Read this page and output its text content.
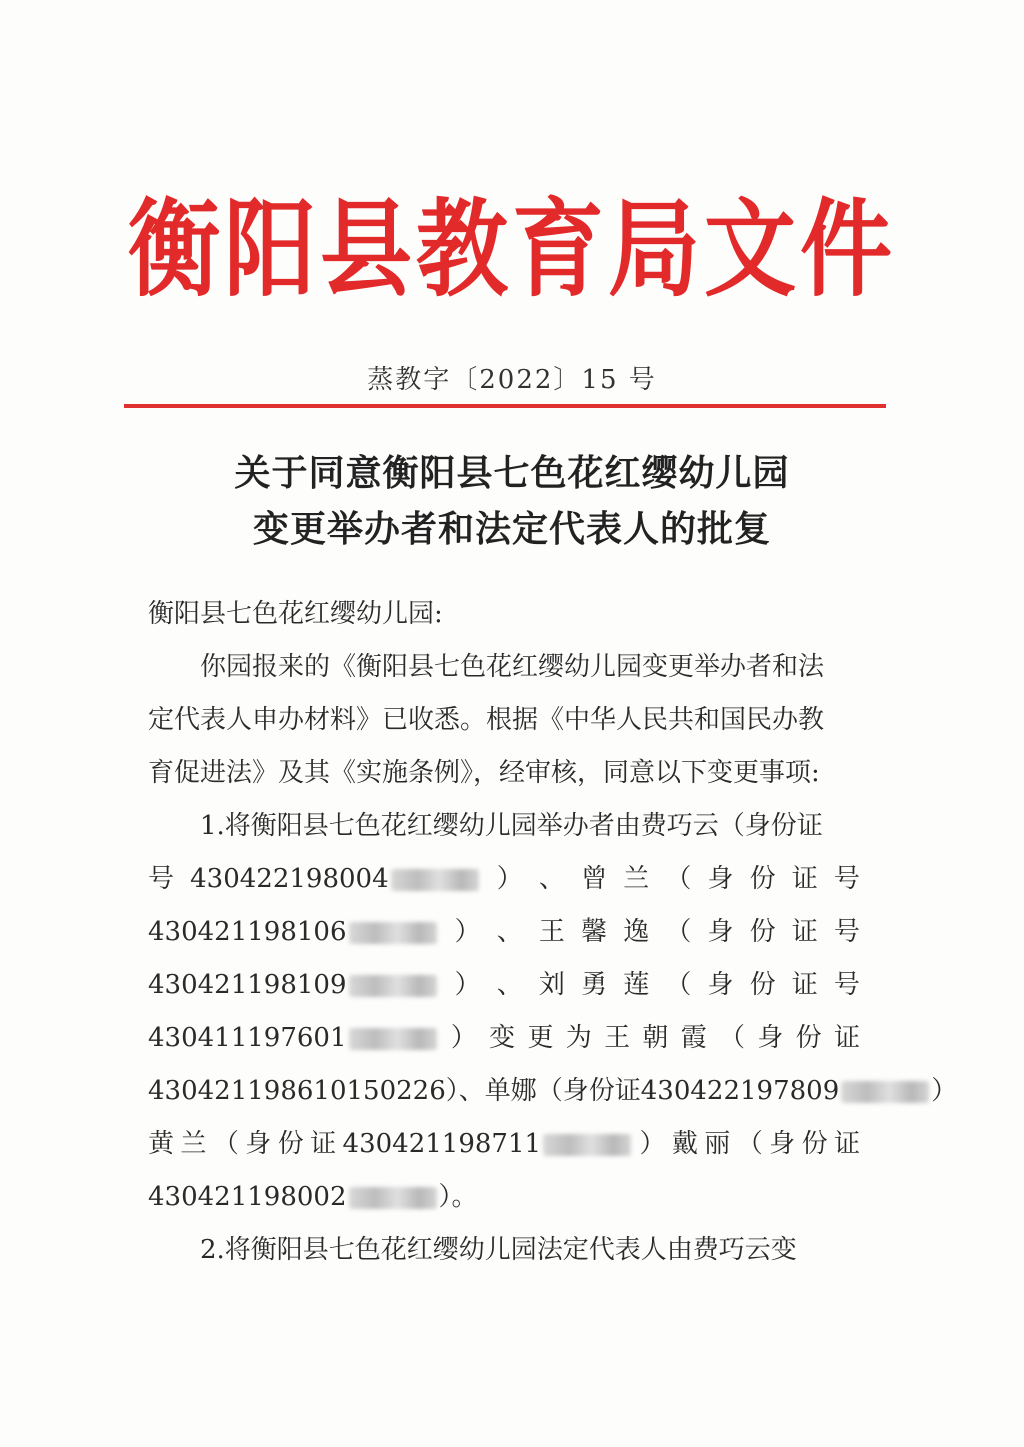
衡阳县教育局文件
蒸教字〔2022〕15 号
关于同意衡阳县七色花红缨幼儿园
变更举办者和法定代表人的批复
衡阳县七色花红缨幼儿园:
你园报来的《衡阳县七色花红缨幼儿园变更举办者和法
定代表人申办材料》已收悉。根据《中华人民共和国民办教
育促进法》及其《实施条例》，经审核，同意以下变更事项:
1.将衡阳县七色花红缨幼儿园举办者由费巧云（身份证
号 430422198004	） 、 曾 兰 （ 身 份 证 号
430421198106	） 、 王 馨 逸 （ 身 份 证 号
430421198109	） 、 刘 勇 莲 （ 身 份 证 号
430411197601	） 变 更 为 王 朝 霞 （ 身 份 证
430421198610150226）、单娜（身份证 430422197809	）
黄 兰 （ 身 份 证 430421198711	） 戴 丽 （ 身 份 证
430421198002	）。
2.将衡阳县七色花红缨幼儿园法定代表人由费巧云变
